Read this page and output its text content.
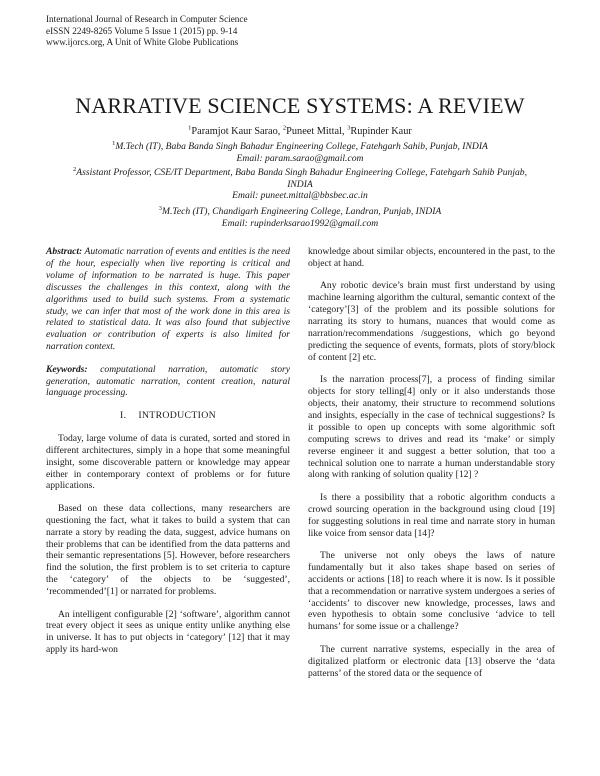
International Journal of Research in Computer Science
eISSN 2249-8265 Volume 5 Issue 1 (2015) pp. 9-14
www.ijorcs.org, A Unit of White Globe Publications
NARRATIVE SCIENCE SYSTEMS: A REVIEW
$^1$Paramjot Kaur Sarao, $^2$Puneet Mittal, $^3$Rupinder Kaur
$^1$M.Tech (IT), Baba Banda Singh Bahadur Engineering College, Fatehgarh Sahib, Punjab, INDIA
Email: param.sarao@gmail.com
$^2$Assistant Professor, CSE/IT Department, Baba Banda Singh Bahadur Engineering College, Fatehgarh Sahib Punjab, INDIA
Email: puneet.mittal@bbsbec.ac.in
$^3$M.Tech (IT), Chandigarh Engineering College, Landran, Punjab, INDIA
Email: rupinderksarao1992@gmail.com

Abstract: Automatic narration of events and entities is the need of the hour, especially when live reporting is critical and volume of information to be narrated is huge. This paper discusses the challenges in this context, along with the algorithms used to build such systems. From a systematic study, we can infer that most of the work done in this area is related to statistical data. It was also found that subjective evaluation or contribution of experts is also limited for narration context.

Keywords: computational narration, automatic story generation, automatic narration, content creation, natural language processing.

I. INTRODUCTION

Today, large volume of data is curated, sorted and stored in different architectures, simply in a hope that some meaningful insight, some discoverable pattern or knowledge may appear either in contemporary context of problems or for future applications.

Based on these data collections, many researchers are questioning the fact, what it takes to build a system that can narrate a story by reading the data, suggest, advice humans on their problems that can be identified from the data patterns and their semantic representations [5]. However, before researchers find the solution, the first problem is to set criteria to capture the ‘category’ of the objects to be ‘suggested’, ‘recommended’[1] or narrated for problems.

An intelligent configurable [2] ‘software’, algorithm cannot treat every object it sees as unique entity unlike anything else in universe. It has to put objects in ‘category’ [12] that it may apply its hard-won

knowledge about similar objects, encountered in the past, to the object at hand.

Any robotic device’s brain must first understand by using machine learning algorithm the cultural, semantic context of the ‘category’[3] of the problem and its possible solutions for narrating its story to humans, nuances that would come as narration/recommendations /suggestions, which go beyond predicting the sequence of events, formats, plots of story/block of content [2] etc.

Is the narration process[7], a process of finding similar objects for story telling[4] only or it also understands those objects, their anatomy, their structure to recommend solutions and insights, especially in the case of technical suggestions? Is it possible to open up concepts with some algorithmic soft computing screws to drives and read its ‘make’ or simply reverse engineer it and suggest a better solution, that too a technical solution one to narrate a human understandable story along with ranking of solution quality [12] ?

Is there a possibility that a robotic algorithm conducts a crowd sourcing operation in the background using cloud [19] for suggesting solutions in real time and narrate story in human like voice from sensor data [14]?

The universe not only obeys the laws of nature fundamentally but it also takes shape based on series of accidents or actions [18] to reach where it is now. Is it possible that a recommendation or narrative system undergoes a series of ‘accidents’ to discover new knowledge, processes, laws and even hypothesis to obtain some conclusive ‘advice to tell humans’ for some issue or a challenge?

The current narrative systems, especially in the area of digitalized platform or electronic data [13] observe the ‘data patterns’ of the stored data or the sequence of
